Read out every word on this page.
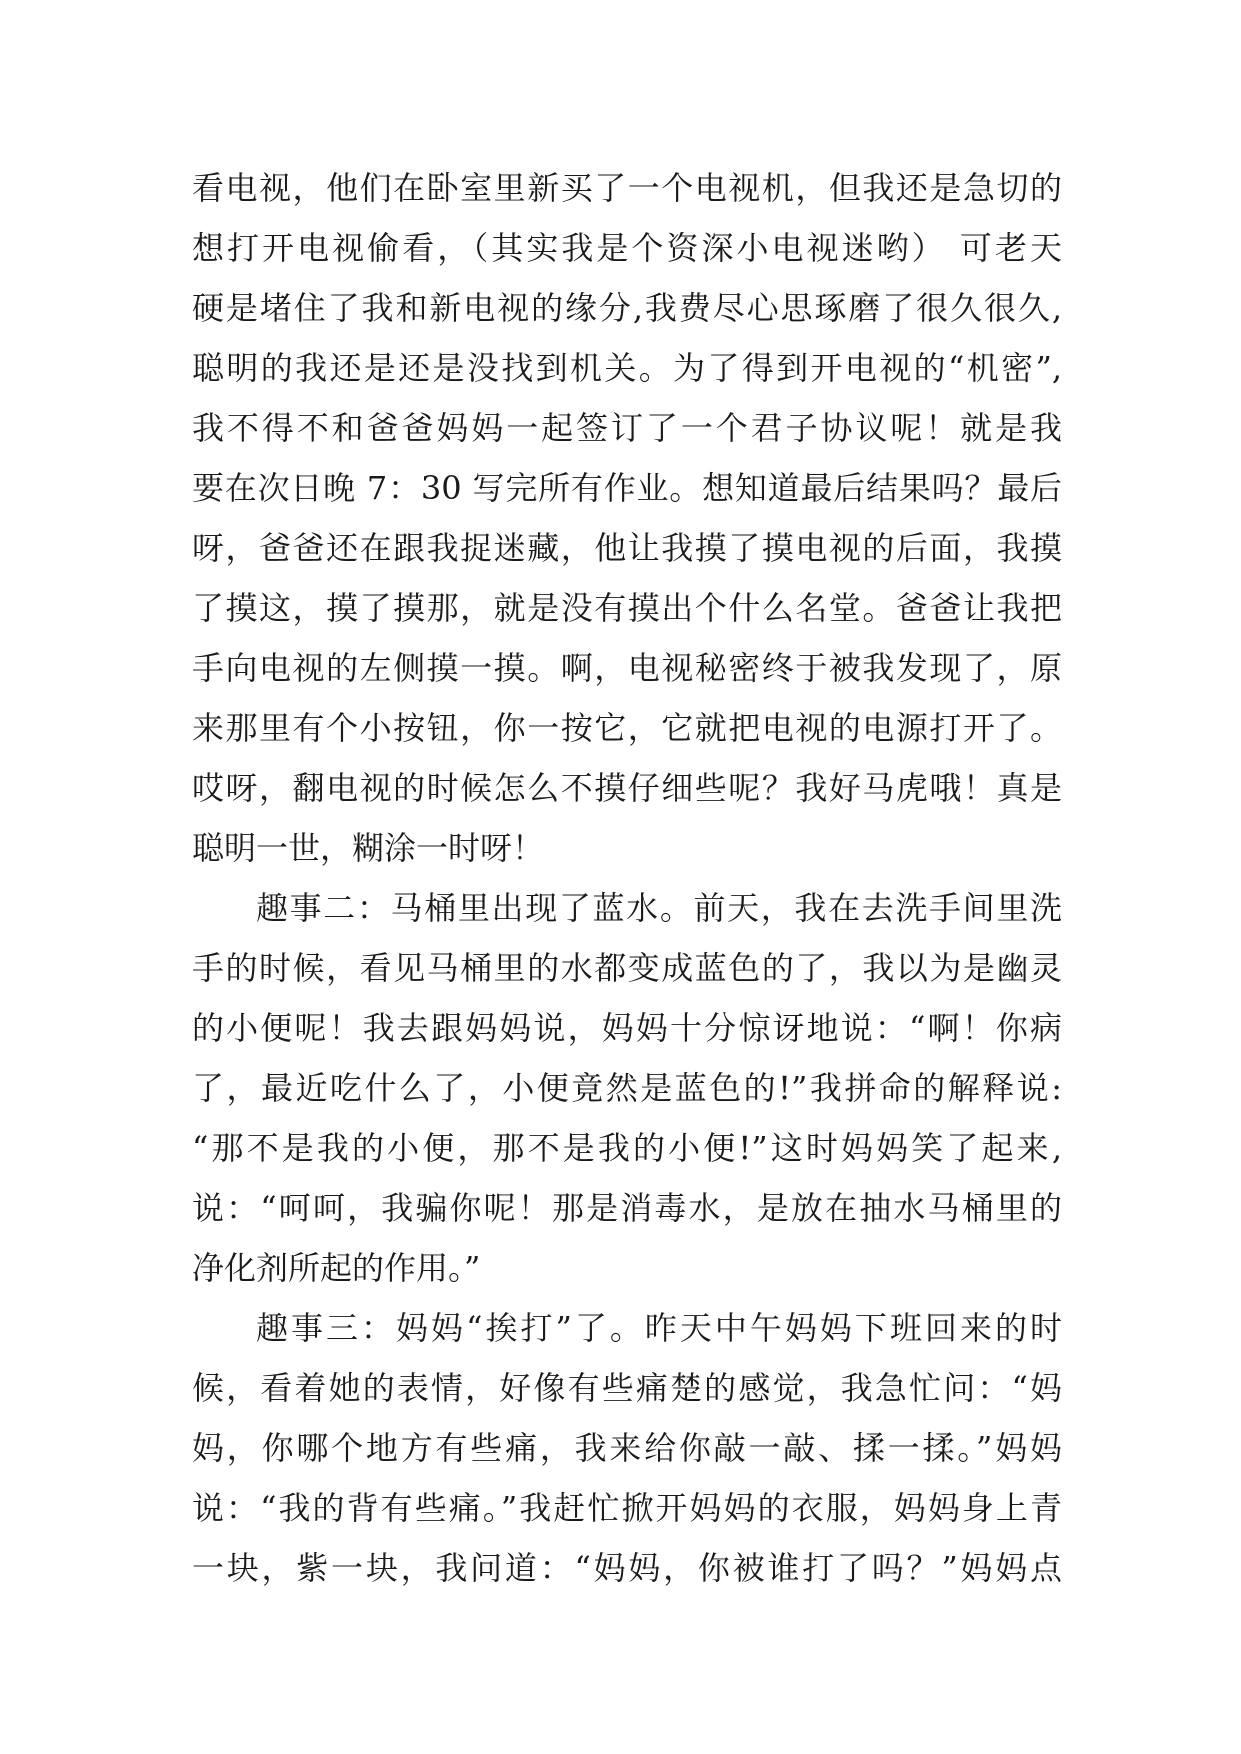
看电视，他们在卧室里新买了一个电视机，但我还是急切的
想打开电视偷看，（其实我是个资深小电视迷哟） 可老天
硬是堵住了我和新电视的缘分,我费尽心思琢磨了很久很久,
聪明的我还是还是没找到机关。为了得到开电视的“机密”,
我不得不和爸爸妈妈一起签订了一个君子协议呢！就是我
要在次日晚 7：30 写完所有作业。想知道最后结果吗？最后
呀，爸爸还在跟我捉迷藏，他让我摸了摸电视的后面，我摸
了摸这，摸了摸那，就是没有摸出个什么名堂。爸爸让我把
手向电视的左侧摸一摸。啊，电视秘密终于被我发现了，原
来那里有个小按钮，你一按它，它就把电视的电源打开了。
哎呀，翻电视的时候怎么不摸仔细些呢？我好马虎哦！真是
聪明一世，糊涂一时呀！
趣事二：马桶里出现了蓝水。前天，我在去洗手间里洗
手的时候，看见马桶里的水都变成蓝色的了，我以为是幽灵
的小便呢！我去跟妈妈说，妈妈十分惊讶地说：“啊！你病
了，最近吃什么了，小便竟然是蓝色的!”我拼命的解释说:
“那不是我的小便，那不是我的小便!”这时妈妈笑了起来,
说：“呵呵，我骗你呢！那是消毒水，是放在抽水马桶里的
净化剂所起的作用。”
趣事三：妈妈“挨打”了。昨天中午妈妈下班回来的时
候，看着她的表情，好像有些痛楚的感觉，我急忙问：“妈
妈，你哪个地方有些痛，我来给你敲一敲、揉一揉。”妈妈
说：“我的背有些痛。”我赶忙掀开妈妈的衣服，妈妈身上青
一块，紫一块，我问道：“妈妈，你被谁打了吗？”妈妈点
